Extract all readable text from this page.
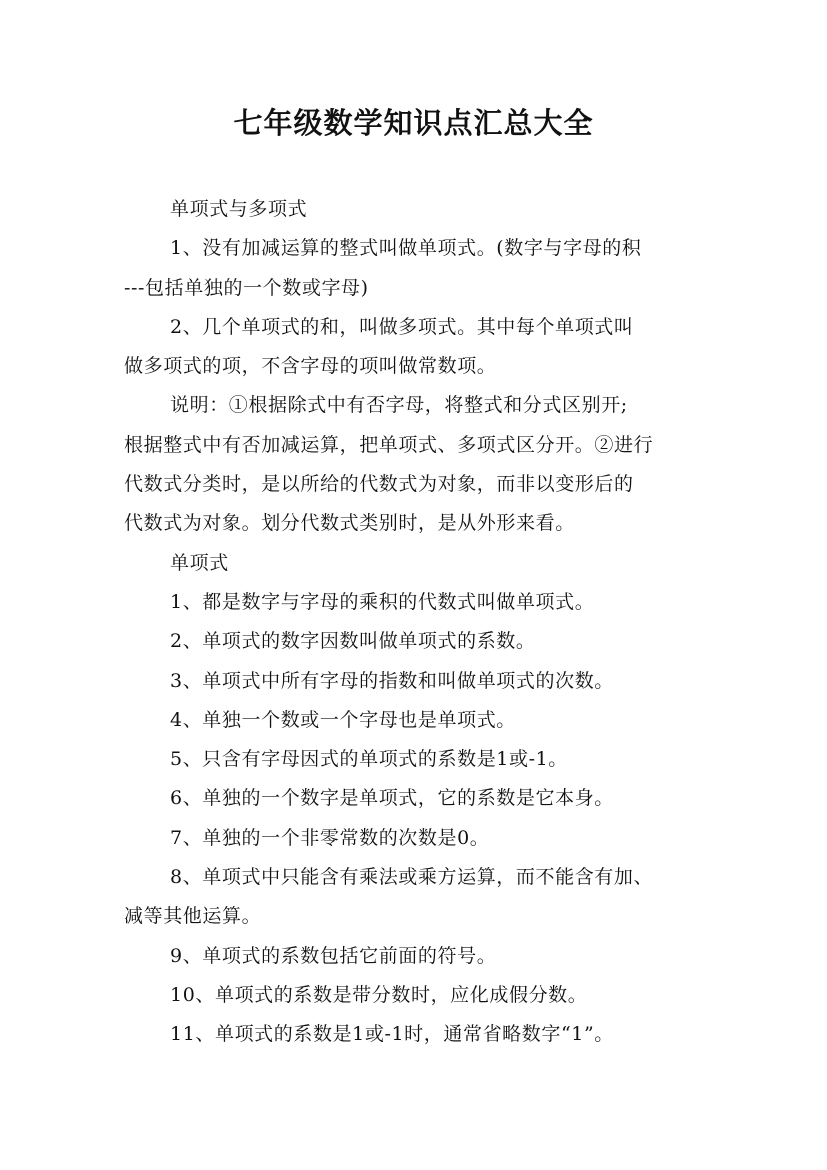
七年级数学知识点汇总大全
单项式与多项式
1、没有加减运算的整式叫做单项式。(数字与字母的积
---包括单独的一个数或字母)
2、几个单项式的和，叫做多项式。其中每个单项式叫
做多项式的项，不含字母的项叫做常数项。
说明：①根据除式中有否字母，将整式和分式区别开;
根据整式中有否加减运算，把单项式、多项式区分开。②进行
代数式分类时，是以所给的代数式为对象，而非以变形后的
代数式为对象。划分代数式类别时，是从外形来看。
单项式
1、都是数字与字母的乘积的代数式叫做单项式。
2、单项式的数字因数叫做单项式的系数。
3、单项式中所有字母的指数和叫做单项式的次数。
4、单独一个数或一个字母也是单项式。
5、只含有字母因式的单项式的系数是1或-1。
6、单独的一个数字是单项式，它的系数是它本身。
7、单独的一个非零常数的次数是0。
8、单项式中只能含有乘法或乘方运算，而不能含有加、
减等其他运算。
9、单项式的系数包括它前面的符号。
10、单项式的系数是带分数时，应化成假分数。
11、单项式的系数是1或-1时，通常省略数字“1”。
